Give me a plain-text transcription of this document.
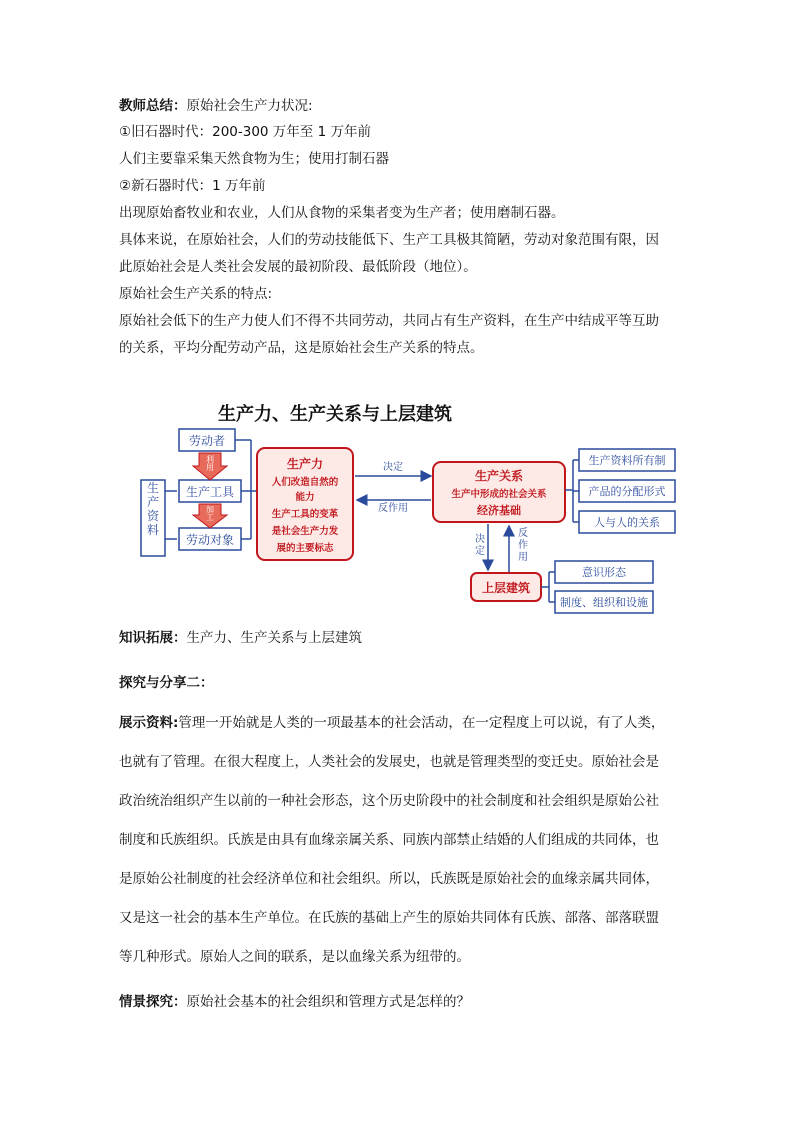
教师总结：原始社会生产力状况:
①旧石器时代：200-300 万年至 1 万年前
人们主要靠采集天然食物为生；使用打制石器
②新石器时代：1 万年前
出现原始畜牧业和农业，人们从食物的采集者变为生产者；使用磨制石器。
具体来说，在原始社会，人们的劳动技能低下、生产工具极其简陋，劳动对象范围有限，因
此原始社会是人类社会发展的最初阶段、最低阶段（地位）。
原始社会生产关系的特点:
原始社会低下的生产力使人们不得不共同劳动，共同占有生产资料，在生产中结成平等互助
的关系，平均分配劳动产品，这是原始社会生产关系的特点。
生产力、生产关系与上层建筑
生产资料
劳动者
生产工具
劳动对象
利用
加工
生产力
人们改造自然的
能力
生产工具的变革
是社会生产力发
展的主要标志
决定
反作用
生产关系
生产中形成的社会关系
经济基础
生产资料所有制
产品的分配形式
人与人的关系
决定
反作用
上层建筑
意识形态
制度、组织和设施
知识拓展：生产力、生产关系与上层建筑
探究与分享二：
展示资料:管理一开始就是人类的一项最基本的社会活动，在一定程度上可以说，有了人类，
也就有了管理。在很大程度上，人类社会的发展史，也就是管理类型的变迁史。原始社会是
政治统治组织产生以前的一种社会形态，这个历史阶段中的社会制度和社会组织是原始公社
制度和氏族组织。氏族是由具有血缘亲属关系、同族内部禁止结婚的人们组成的共同体，也
是原始公社制度的社会经济单位和社会组织。所以，氏族既是原始社会的血缘亲属共同体，
又是这一社会的基本生产单位。在氏族的基础上产生的原始共同体有氏族、部落、部落联盟
等几种形式。原始人之间的联系，是以血缘关系为纽带的。
情景探究：原始社会基本的社会组织和管理方式是怎样的？
